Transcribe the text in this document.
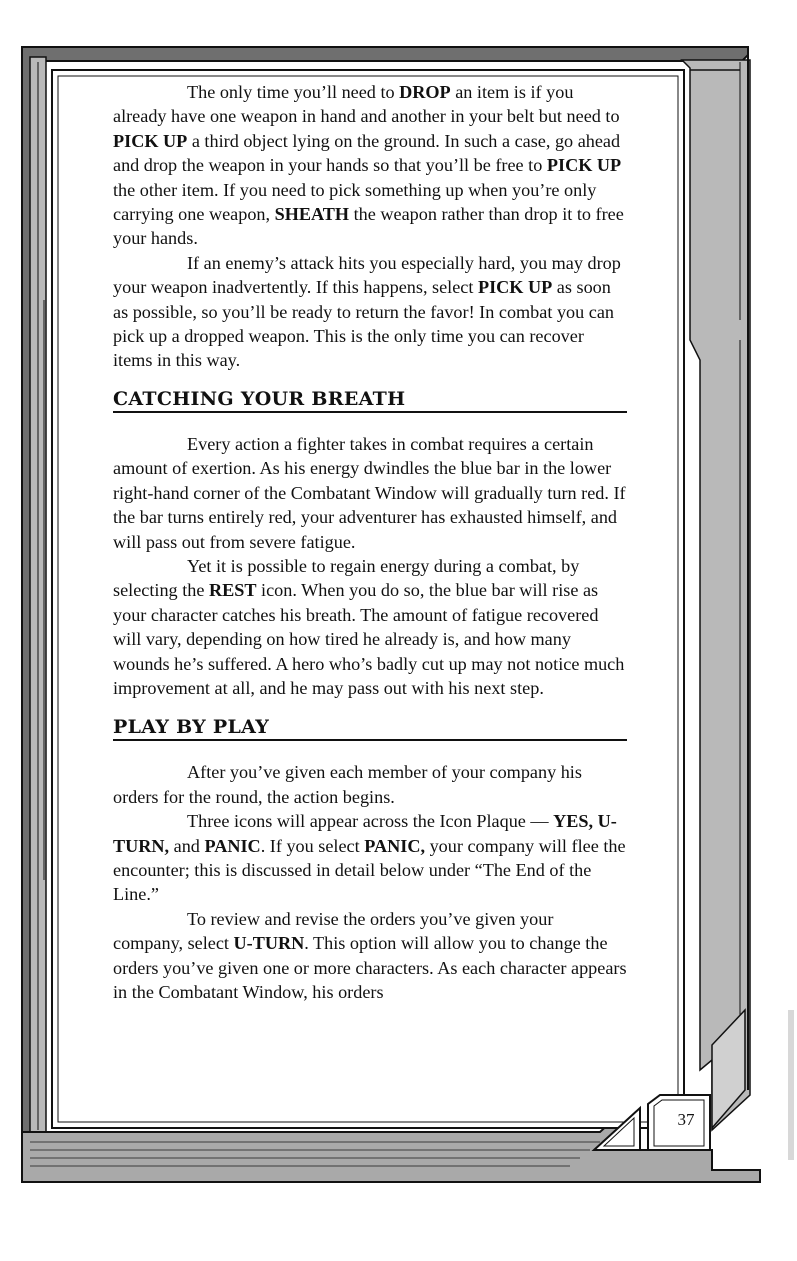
The only time you’ll need to DROP an item is if you already have one weapon in hand and another in your belt but need to PICK UP a third object lying on the ground. In such a case, go ahead and drop the weapon in your hands so that you’ll be free to PICK UP the other item. If you need to pick something up when you’re only carrying one weapon, SHEATH the weapon rather than drop it to free your hands.

If an enemy’s attack hits you especially hard, you may drop your weapon inadvertently. If this happens, select PICK UP as soon as possible, so you’ll be ready to return the favor! In combat you can pick up a dropped weapon. This is the only time you can recover items in this way.

CATCHING YOUR BREATH

Every action a fighter takes in combat requires a certain amount of exertion. As his energy dwindles the blue bar in the lower right-hand corner of the Combatant Window will gradually turn red. If the bar turns entirely red, your adventurer has exhausted himself, and will pass out from severe fatigue.

Yet it is possible to regain energy during a combat, by selecting the REST icon. When you do so, the blue bar will rise as your character catches his breath. The amount of fatigue recovered will vary, depending on how tired he already is, and how many wounds he’s suffered. A hero who’s badly cut up may not notice much improvement at all, and he may pass out with his next step.

PLAY BY PLAY

After you’ve given each member of your company his orders for the round, the action begins.

Three icons will appear across the Icon Plaque — YES, U-TURN, and PANIC. If you select PANIC, your company will flee the encounter; this is discussed in detail below under “The End of the Line.”

To review and revise the orders you’ve given your company, select U-TURN. This option will allow you to change the orders you’ve given one or more characters. As each character appears in the Combatant Window, his orders

37
